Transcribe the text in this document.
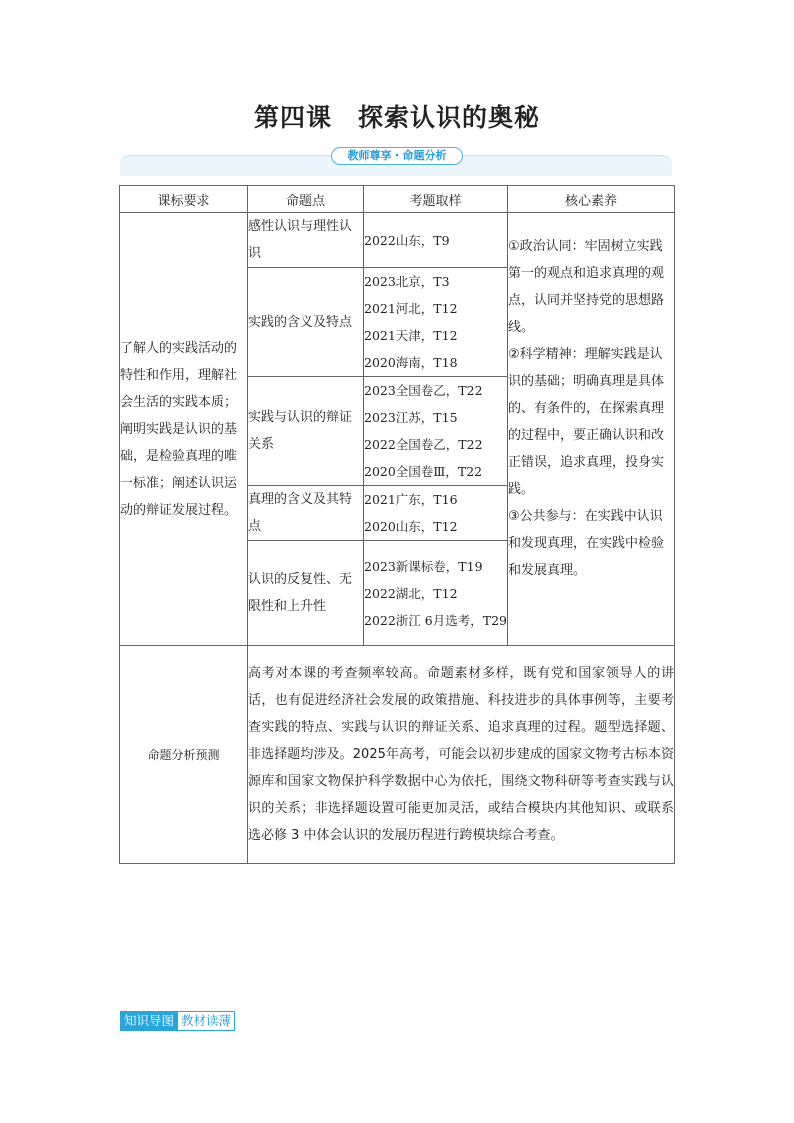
第四课　探索认识的奥秘
教师尊享・命题分析
课标要求	命题点	考题取样	核心素养
了解人的实践活动的特性和作用，理解社会生活的实践本质；阐明实践是认识的基础，是检验真理的唯一标准；阐述认识运动的辩证发展过程。	感性认识与理性认识	2022山东，T9	①政治认同：牢固树立实践第一的观点和追求真理的观点，认同并坚持党的思想路线。
②科学精神：理解实践是认识的基础；明确真理是具体的、有条件的，在探索真理的过程中，要正确认识和改正错误，追求真理，投身实践。
③公共参与：在实践中认识和发现真理，在实践中检验和发展真理。

	实践的含义及特点	2023北京，T3
2021河北，T12
2021天津，T12
2020海南，T18	

	实践与认识的辩证关系	2023全国卷乙，T22
2023江苏，T15
2022全国卷乙，T22
2020全国卷Ⅲ，T22	

	真理的含义及其特点	2021广东，T16
2020山东，T12	

	认识的反复性、无限性和上升性	2023新课标卷，T19
2022湖北，T12
2022浙江 6月选考，T29	

命题分析预测	高考对本课的考查频率较高。命题素材多样，既有党和国家领导人的讲话，也有促进经济社会发展的政策措施、科技进步的具体事例等，主要考查实践的特点、实践与认识的辩证关系、追求真理的过程。题型选择题、非选择题均涉及。2025年高考，可能会以初步建成的国家文物考古标本资源库和国家文物保护科学数据中心为依托，围绕文物科研等考查实践与认识的关系；非选择题设置可能更加灵活，或结合模块内其他知识、或联系选必修 3 中体会认识的发展历程进行跨模块综合考查。		
知识导图 教材读薄
